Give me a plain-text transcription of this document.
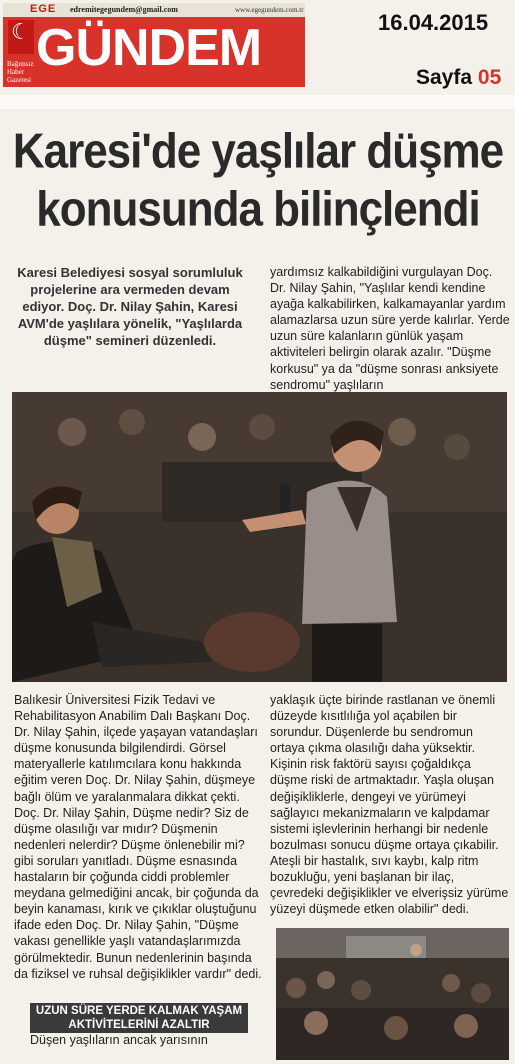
EGE edremitegegundem@gmail.com	www.egegundem.com.tr
☾ GÜNDEM
Bağımsız Haber Gazetesi
16.04.2015
Sayfa 05
Karesi'de yaşlılar düşme
konusunda bilinçlendi
Karesi Belediyesi sosyal sorumluluk projelerine ara vermeden devam ediyor. Doç. Dr. Nilay Şahin, Karesi AVM'de yaşlılara yönelik, "Yaşlılarda düşme" semineri düzenledi.
yardımsız kalkabildiğini vurgulayan Doç. Dr. Nilay Şahin, "Yaşlılar kendi kendine ayağa kalkabilirken, kalkamayanlar yardım alamazlarsa uzun süre yerde kalırlar. Yerde uzun süre kalanların günlük yaşam aktiviteleri belirgin olarak azalır. "Düşme korkusu" ya da "düşme sonrası anksiyete sendromu" yaşlıların
Balıkesir Üniversitesi Fizik Tedavi ve Rehabilitasyon Anabilim Dalı Başkanı Doç. Dr. Nilay Şahin, ilçede yaşayan vatandaşları düşme konusunda bilgilendirdi. Görsel materyallerle katılımcılara konu hakkında eğitim veren Doç. Dr. Nilay Şahin, düşmeye bağlı ölüm ve yaralanmalara dikkat çekti. Doç. Dr. Nilay Şahin, Düşme nedir? Siz de düşme olasılığı var mıdır? Düşmenin nedenleri nelerdir? Düşme önlenebilir mi? gibi soruları yanıtladı. Düşme esnasında hastaların bir çoğunda ciddi problemler meydana gelmediğini ancak, bir çoğunda da beyin kanaması, kırık ve çıkıklar oluştuğunu ifade eden Doç. Dr. Nilay Şahin, "Düşme vakası genellikle yaşlı vatandaşlarımızda görülmektedir. Bunun nedenlerinin başında da fiziksel ve ruhsal değişiklikler vardır" dedi.
yaklaşık üçte birinde rastlanan ve önemli düzeyde kısıtlılığa yol açabilen bir sorundur. Düşenlerde bu sendromun ortaya çıkma olasılığı daha yüksektir. Kişinin risk faktörü sayısı çoğaldıkça düşme riski de artmaktadır. Yaşla oluşan değişikliklerle, dengeyi ve yürümeyi sağlayıcı mekanizmaların ve kalpdamar sistemi işlevlerinin herhangi bir nedenle bozulması sonucu düşme ortaya çıkabilir. Ateşli bir hastalık, sıvı kaybı, kalp ritm bozukluğu, yeni başlanan bir ilaç, çevredeki değişiklikler ve elverişsiz yürüme yüzeyi düşmede etken olabilir" dedi.
UZUN SÜRE YERDE KALMAK YAŞAM AKTİVİTELERİNİ AZALTIR
Düşen yaşlıların ancak yarısının
